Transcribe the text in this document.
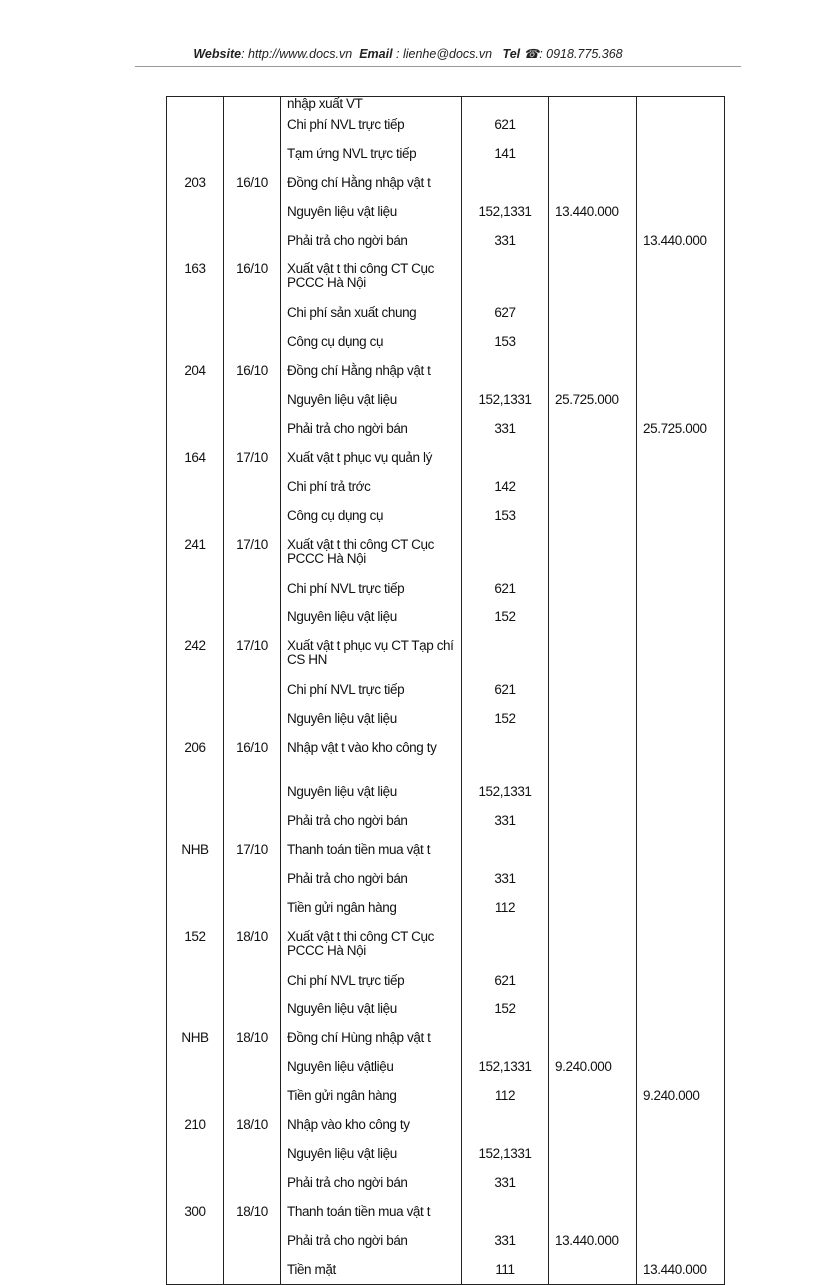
Website: http://www.docs.vn Email : lienhe@docs.vn Tel ☎: 0918.775.368
		nhập xuất VT			
		Chi phí NVL trực tiếp	621		
		Tạm ứng NVL trực tiếp	141		
203	16/10	Đồng chí Hằng nhập vật t			
		Nguyên liệu vật liệu	152,1331	13.440.000	
		Phải trả cho ngời bán	331		13.440.000
163	16/10	Xuất vật t thi công CT Cục PCCC Hà Nội			
		Chi phí sản xuất chung	627		
		Công cụ dụng cụ	153		
204	16/10	Đồng chí Hằng nhập vật t			
		Nguyên liệu vật liệu	152,1331	25.725.000	
		Phải trả cho ngời bán	331		25.725.000
164	17/10	Xuất vật t phục vụ quản lý			
		Chi phí trả trớc	142		
		Công cụ dụng cụ	153		
241	17/10	Xuất vật t thi công CT Cục PCCC Hà Nội			
		Chi phí NVL trực tiếp	621		
		Nguyên liệu vật liệu	152		
242	17/10	Xuất vật t phục vụ CT Tạp chí CS HN			
		Chi phí NVL trực tiếp	621		
		Nguyên liệu vật liệu	152		
206	16/10	Nhập vật t vào kho công ty			
		Nguyên liệu vật liệu	152,1331		
		Phải trả cho ngời bán	331		
NHB	17/10	Thanh toán tiền mua vật t			
		Phải trả cho ngời bán	331		
		Tiền gửi ngân hàng	112		
152	18/10	Xuất vật t thi công CT Cục PCCC Hà Nội			
		Chi phí NVL trực tiếp	621		
		Nguyên liệu vật liệu	152		
NHB	18/10	Đồng chí Hùng nhập vật t			
		Nguyên liệu vậtliệu	152,1331	9.240.000	
		Tiền gửi ngân hàng	112		9.240.000
210	18/10	Nhập vào kho công ty			
		Nguyên liệu vật liệu	152,1331		
		Phải trả cho ngời bán	331		
300	18/10	Thanh toán tiền mua vật t			
		Phải trả cho ngời bán	331	13.440.000	
		Tiền mặt	111		13.440.000
